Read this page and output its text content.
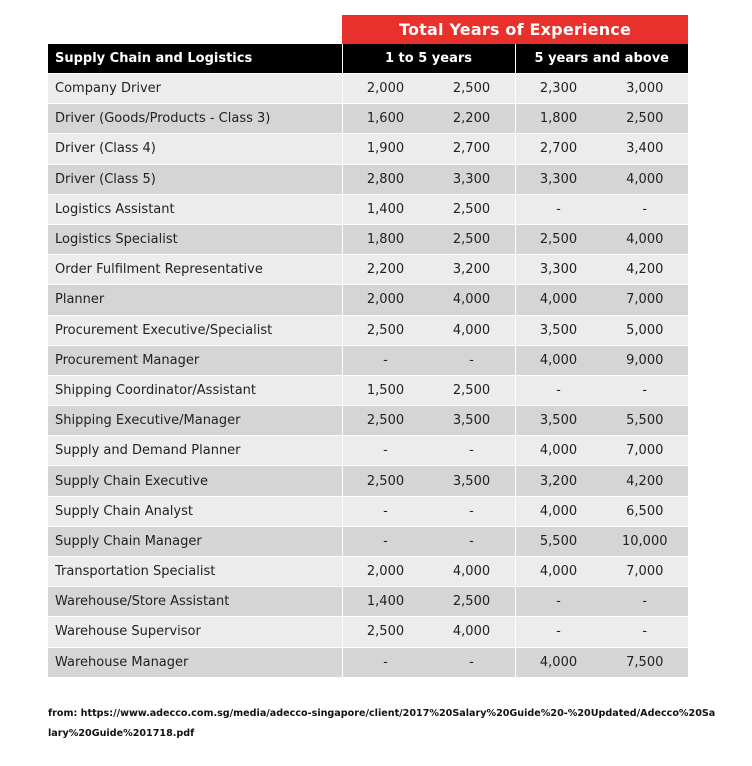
	Total Years of Experience			
Supply Chain and Logistics	1 to 5 years		5 years and above	
Company Driver	2,000	2,500	2,300	3,000
Driver (Goods/Products - Class 3)	1,600	2,200	1,800	2,500
Driver (Class 4)	1,900	2,700	2,700	3,400
Driver (Class 5)	2,800	3,300	3,300	4,000
Logistics Assistant	1,400	2,500	-	-
Logistics Specialist	1,800	2,500	2,500	4,000
Order Fulfilment Representative	2,200	3,200	3,300	4,200
Planner	2,000	4,000	4,000	7,000
Procurement Executive/Specialist	2,500	4,000	3,500	5,000
Procurement Manager	-	-	4,000	9,000
Shipping Coordinator/Assistant	1,500	2,500	-	-
Shipping Executive/Manager	2,500	3,500	3,500	5,500
Supply and Demand Planner	-	-	4,000	7,000
Supply Chain Executive	2,500	3,500	3,200	4,200
Supply Chain Analyst	-	-	4,000	6,500
Supply Chain Manager	-	-	5,500	10,000
Transportation Specialist	2,000	4,000	4,000	7,000
Warehouse/Store Assistant	1,400	2,500	-	-
Warehouse Supervisor	2,500	4,000	-	-
Warehouse Manager	-	-	4,000	7,500
from: https://www.adecco.com.sg/media/adecco-singapore/client/2017%20Salary%20Guide%20-%20Updated/Adecco%20Salary%20Guide%201718.pdf
